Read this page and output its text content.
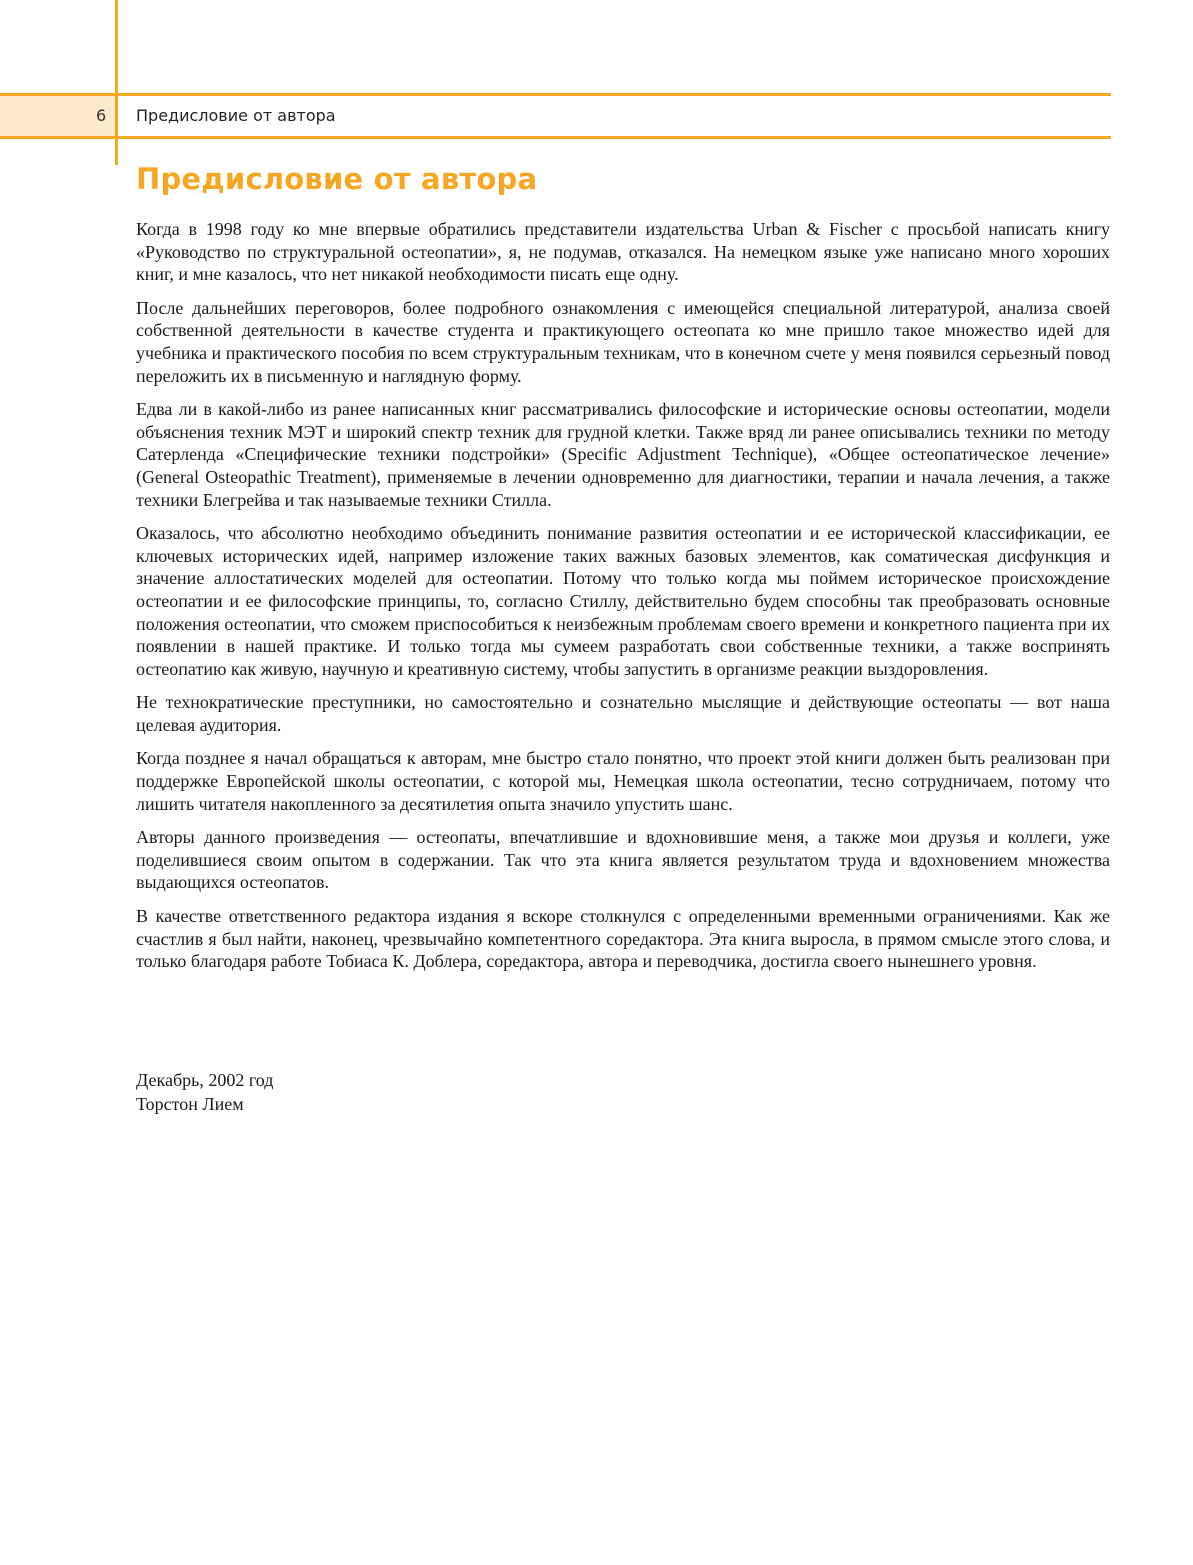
6 Предисловие от автора
Предисловие от автора

Когда в 1998 году ко мне впервые обратились представители издательства Urban & Fischer с просьбой написать книгу «Руководство по структуральной остеопатии», я, не подумав, отказался. На немецком языке уже написано много хороших книг, и мне казалось, что нет никакой необходимости писать еще одну.

После дальнейших переговоров, более подробного ознакомления с имеющейся специальной литературой, анализа своей собственной деятельности в качестве студента и практикующего остеопата ко мне пришло такое множество идей для учебника и практического пособия по всем структуральным техникам, что в конечном счете у меня появился серьезный повод переложить их в письменную и наглядную форму.

Едва ли в какой-либо из ранее написанных книг рассматривались философские и исторические основы остеопатии, модели объяснения техник МЭТ и широкий спектр техник для грудной клетки. Также вряд ли ранее описывались техники по методу Сатерленда «Специфические техники подстройки» (Specific Adjustment Technique), «Общее остеопатическое лечение» (General Osteopathic Treatment), применяемые в лечении одновременно для диагностики, терапии и начала лечения, а также техники Блегрейва и так называемые техники Стилла.

Оказалось, что абсолютно необходимо объединить понимание развития остеопатии и ее исторической классификации, ее ключевых исторических идей, например изложение таких важных базовых элементов, как соматическая дисфункция и значение аллостатических моделей для остеопатии. Потому что только когда мы поймем историческое происхождение остеопатии и ее философские принципы, то, согласно Стиллу, действительно будем способны так преобразовать основные положения остеопатии, что сможем приспособиться к неизбежным проблемам своего времени и конкретного пациента при их появлении в нашей практике. И только тогда мы сумеем разработать свои собственные техники, а также воспринять остеопатию как живую, научную и креативную систему, чтобы запустить в организме реакции выздоровления.

Не технократические преступники, но самостоятельно и сознательно мыслящие и действующие остеопаты — вот наша целевая аудитория.

Когда позднее я начал обращаться к авторам, мне быстро стало понятно, что проект этой книги должен быть реализован при поддержке Европейской школы остеопатии, с которой мы, Немецкая школа остеопатии, тесно сотрудничаем, потому что лишить читателя накопленного за десятилетия опыта значило упустить шанс.

Авторы данного произведения — остеопаты, впечатлившие и вдохновившие меня, а также мои друзья и коллеги, уже поделившиеся своим опытом в содержании. Так что эта книга является результатом труда и вдохновением множества выдающихся остеопатов.

В качестве ответственного редактора издания я вскоре столкнулся с определенными временными ограничениями. Как же счастлив я был найти, наконец, чрезвычайно компетентного соредактора. Эта книга выросла, в прямом смысле этого слова, и только благодаря работе Тобиаса К. Доблера, соредактора, автора и переводчика, достигла своего нынешнего уровня.

Декабрь, 2002 год
Торстон Лием
